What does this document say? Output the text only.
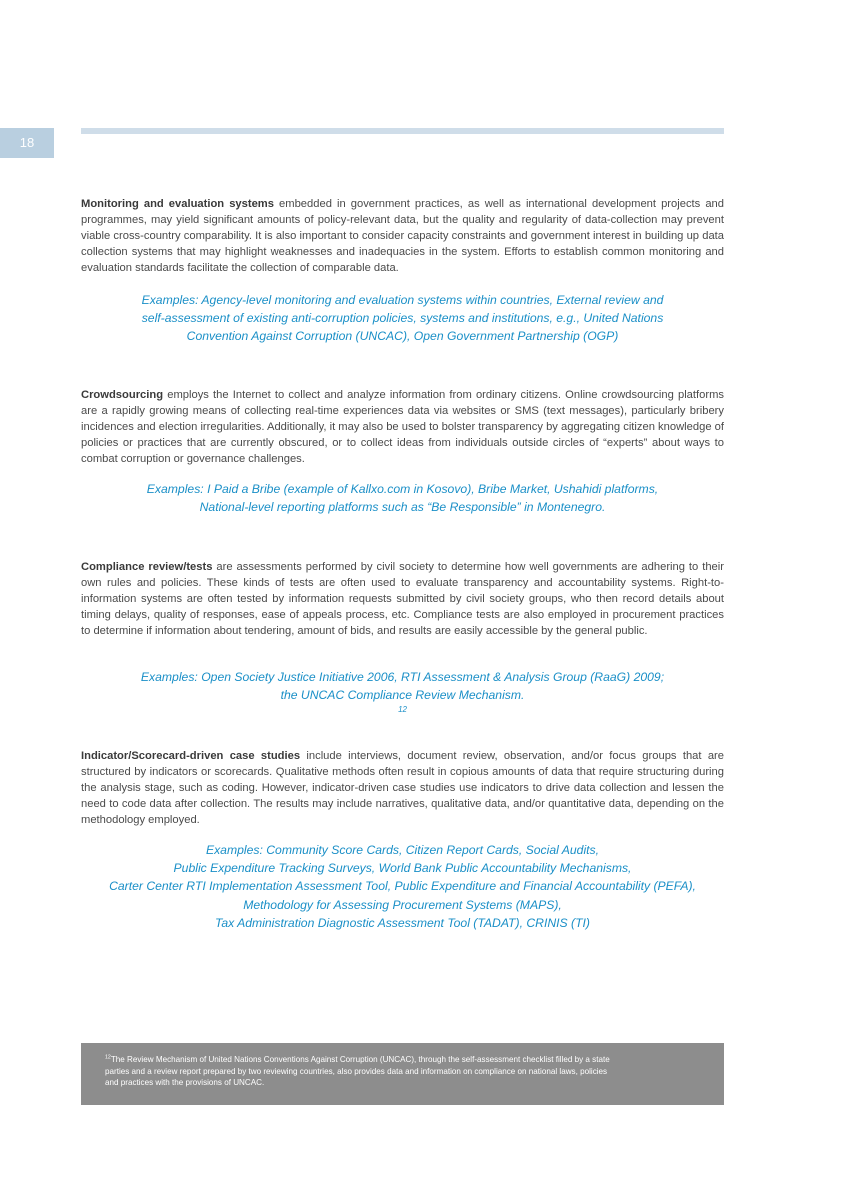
18

Monitoring and evaluation systems embedded in government practices, as well as international development projects and programmes, may yield significant amounts of policy-relevant data, but the quality and regularity of data-collection may prevent viable cross-country comparability. It is also important to consider capacity constraints and government interest in building up data collection systems that may highlight weaknesses and inadequacies in the system. Efforts to establish common monitoring and evaluation standards facilitate the collection of comparable data.

Examples: Agency-level monitoring and evaluation systems within countries, External review and
self-assessment of existing anti-corruption policies, systems and institutions, e.g., United Nations
Convention Against Corruption (UNCAC), Open Government Partnership (OGP)

Crowdsourcing employs the Internet to collect and analyze information from ordinary citizens. Online crowdsourcing platforms are a rapidly growing means of collecting real-time experiences data via websites or SMS (text messages), particularly bribery incidences and election irregularities. Additionally, it may also be used to bolster transparency by aggregating citizen knowledge of policies or practices that are currently obscured, or to collect ideas from individuals outside circles of “experts” about ways to combat corruption or governance challenges.

Examples: I Paid a Bribe (example of Kallxo.com in Kosovo), Bribe Market, Ushahidi platforms,
National-level reporting platforms such as “Be Responsible” in Montenegro.

Compliance review/tests are assessments performed by civil society to determine how well governments are adhering to their own rules and policies. These kinds of tests are often used to evaluate transparency and accountability systems. Right-to-information systems are often tested by information requests submitted by civil society groups, who then record details about timing delays, quality of responses, ease of appeals process, etc. Compliance tests are also employed in procurement practices to determine if information about tendering, amount of bids, and results are easily accessible by the general public.

Examples: Open Society Justice Initiative 2006, RTI Assessment & Analysis Group (RaaG) 2009;
the UNCAC Compliance Review Mechanism.
$^{12}$

Indicator/Scorecard-driven case studies include interviews, document review, observation, and/or focus groups that are structured by indicators or scorecards. Qualitative methods often result in copious amounts of data that require structuring during the analysis stage, such as coding. However, indicator-driven case studies use indicators to drive data collection and lessen the need to code data after collection. The results may include narratives, qualitative data, and/or quantitative data, depending on the methodology employed.

Examples: Community Score Cards, Citizen Report Cards, Social Audits,
Public Expenditure Tracking Surveys, World Bank Public Accountability Mechanisms,
Carter Center RTI Implementation Assessment Tool, Public Expenditure and Financial Accountability (PEFA),
Methodology for Assessing Procurement Systems (MAPS),
Tax Administration Diagnostic Assessment Tool (TADAT), CRINIS (TI)

$^{12}$The Review Mechanism of United Nations Conventions Against Corruption (UNCAC), through the self-assessment checklist filled by a state
parties and a review report prepared by two reviewing countries, also provides data and information on compliance on national laws, policies
and practices with the provisions of UNCAC.
